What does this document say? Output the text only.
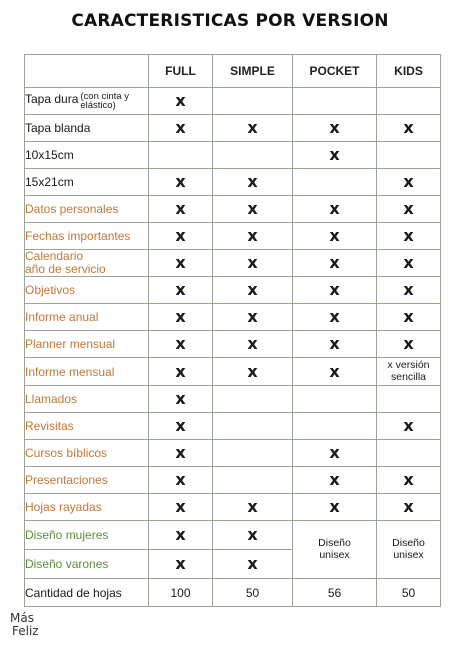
CARACTERISTICAS POR VERSION
	FULL	SIMPLE	POCKET	KIDS
Tapa dura (con cinta y elástico)	x			
Tapa blanda	x	x	x	x
10x15cm			x	
15x21cm	x	x		x
Datos personales	x	x	x	x
Fechas importantes	x	x	x	x
Calendario
año de servicio	x	x	x	x
Objetivos	x	x	x	x
Informe anual	x	x	x	x
Planner mensual	x	x	x	x
Informe mensual	x	x	x	x versión sencilla
Llamados	x			
Revisitas	x			x
Cursos bíblicos	x		x	
Presentaciones	x		x	x
Hojas rayadas	x	x	x	x
Diseño mujeres	x	x	Diseño unisex	Diseño unisex
Diseño varones	x	x		
Cantidad de hojas	100	50	56	50
Más
Feliz
